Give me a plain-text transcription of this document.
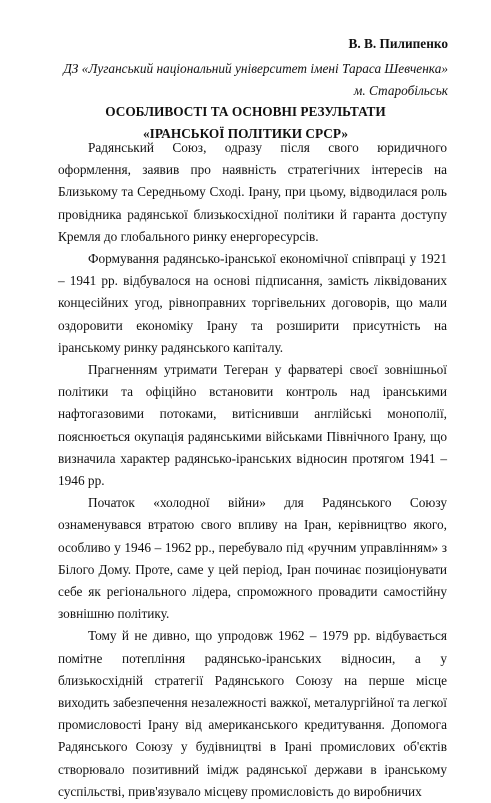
В. В. Пилипенко
ДЗ «Луганський національний університет імені Тараса Шевченка»
м. Старобільськ
ОСОБЛИВОСТІ ТА ОСНОВНІ РЕЗУЛЬТАТИ
«ІРАНСЬКОЇ ПОЛІТИКИ СРСР»

Радянський Союз, одразу після свого юридичного оформлення, заявив про наявність стратегічних інтересів на Близькому та Середньому Сході. Ірану, при цьому, відводилася роль провідника радянської близькосхідної політики й гаранта доступу Кремля до глобального ринку енергоресурсів.

Формування радянсько-іранської економічної співпраці у 1921 – 1941 рр. відбувалося на основі підписання, замість ліквідованих концесійних угод, рівноправних торгівельних договорів, що мали оздоровити економіку Ірану та розширити присутність на іранському ринку радянського капіталу.

Прагненням утримати Тегеран у фарватері своєї зовнішньої політики та офіційно встановити контроль над іранськими нафтогазовими потоками, витіснивши англійські монополії, пояснюється окупація радянськими військами Північного Ірану, що визначила характер радянсько-іранських відносин протягом 1941 – 1946 рр.

Початок «холодної війни» для Радянського Союзу ознаменувався втратою свого впливу на Іран, керівництво якого, особливо у 1946 – 1962 рр., перебувало під «ручним управлінням» з Білого Дому. Проте, саме у цей період, Іран починає позиціонувати себе як регіонального лідера, спроможного провадити самостійну зовнішню політику.

Тому й не дивно, що упродовж 1962 – 1979 рр. відбувається помітне потепління радянсько-іранських відносин, а у близькосхідній стратегії Радянського Союзу на перше місце виходить забезпечення незалежності важкої, металургійної та легкої промисловості Ірану від американського кредитування. Допомога Радянського Союзу у будівництві в Ірані промислових об'єктів створювало позитивний імідж радянської держави в іранському суспільстві, прив'язувало місцеву промисловість до виробничих
